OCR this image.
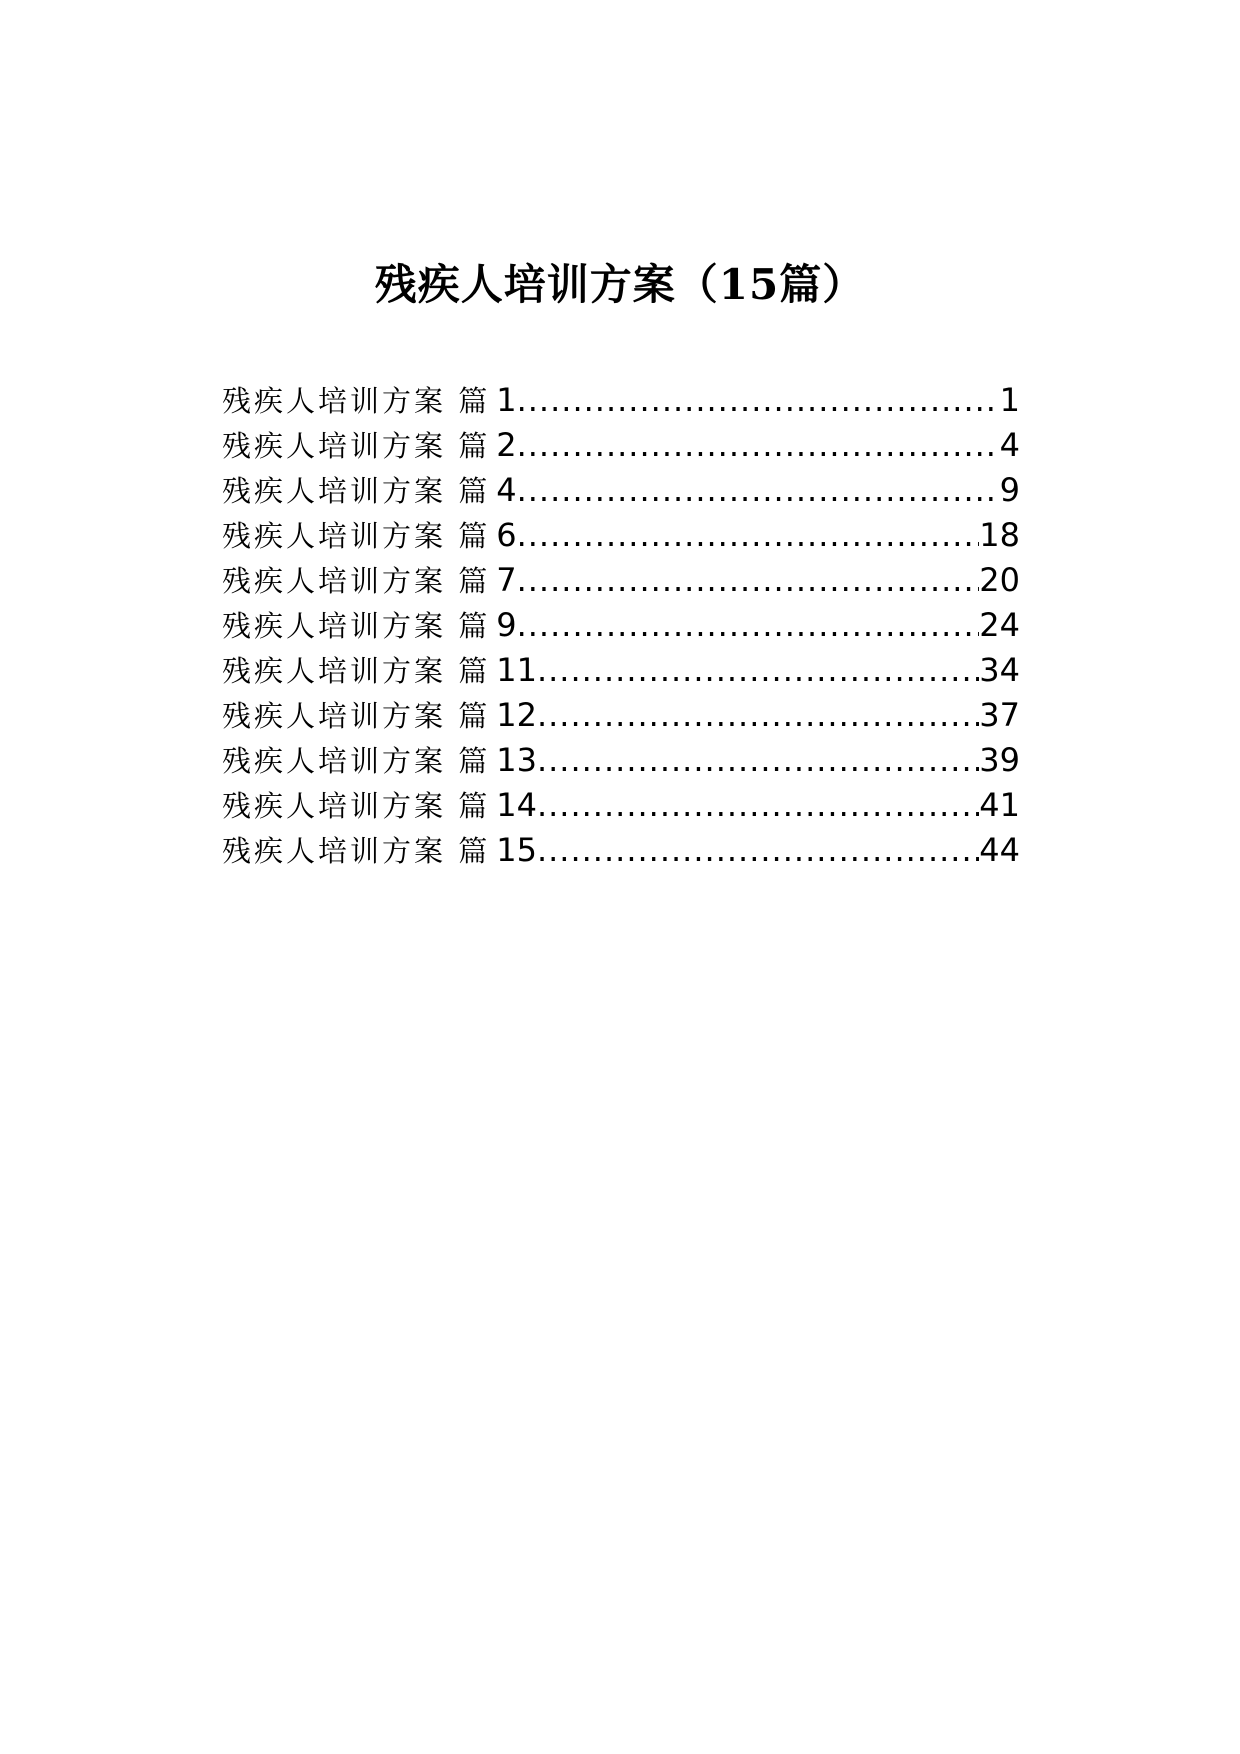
残疾人培训方案（15篇）
残疾人培训方案 篇 1 .....	1
残疾人培训方案 篇 2 .....	4
残疾人培训方案 篇 4 .....	9
残疾人培训方案 篇 6 .....	18
残疾人培训方案 篇 7 .....	20
残疾人培训方案 篇 9 .....	24
残疾人培训方案 篇 11 .....	34
残疾人培训方案 篇 12 .....	37
残疾人培训方案 篇 13 .....	39
残疾人培训方案 篇 14 .....	41
残疾人培训方案 篇 15 .....	44
